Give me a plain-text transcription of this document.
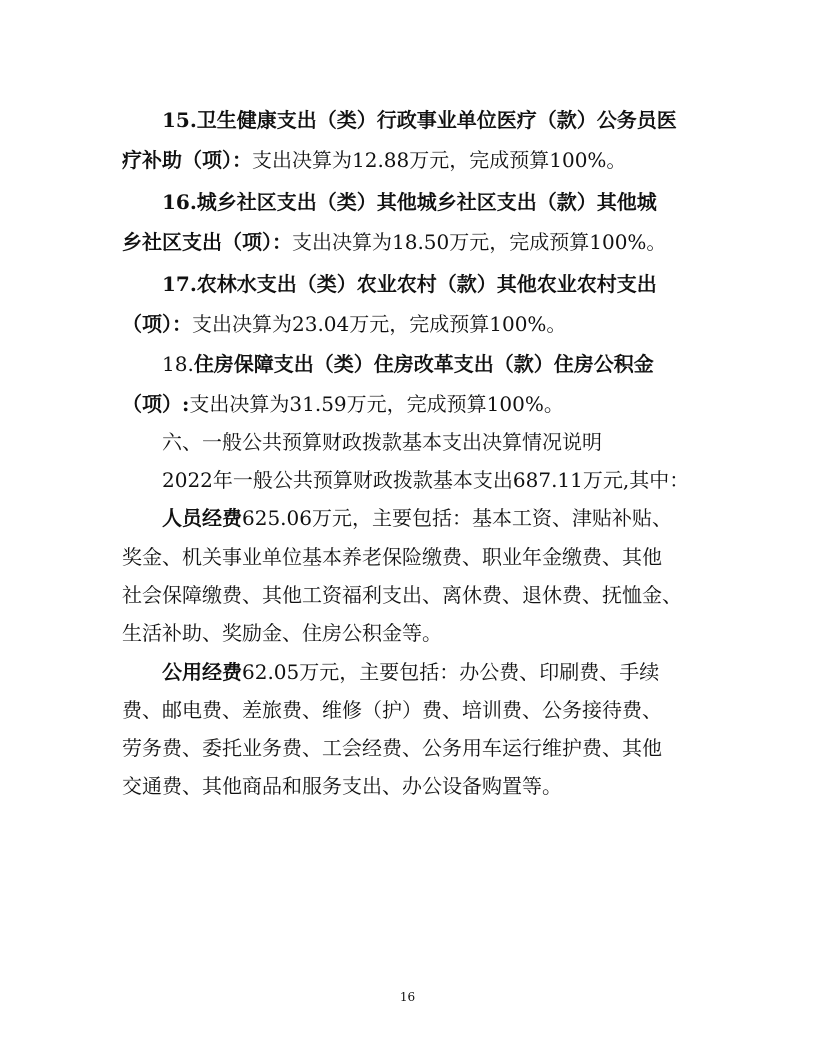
15.卫生健康支出（类）行政事业单位医疗（款）公务员医
疗补助（项）：支出决算为12.88万元，完成预算100%。
16.城乡社区支出（类）其他城乡社区支出（款）其他城
乡社区支出（项）：支出决算为18.50万元，完成预算100%。
17.农林水支出（类）农业农村（款）其他农业农村支出
（项）：支出决算为23.04万元，完成预算100%。
18.住房保障支出（类）住房改革支出（款）住房公积金
（项）:支出决算为31.59万元，完成预算100%。
六、一般公共预算财政拨款基本支出决算情况说明
2022年一般公共预算财政拨款基本支出687.11万元,其中：
人员经费625.06万元，主要包括：基本工资、津贴补贴、
奖金、机关事业单位基本养老保险缴费、职业年金缴费、其他
社会保障缴费、其他工资福利支出、离休费、退休费、抚恤金、
生活补助、奖励金、住房公积金等。
公用经费62.05万元，主要包括：办公费、印刷费、手续
费、邮电费、差旅费、维修（护）费、培训费、公务接待费、
劳务费、委托业务费、工会经费、公务用车运行维护费、其他
交通费、其他商品和服务支出、办公设备购置等。
16
